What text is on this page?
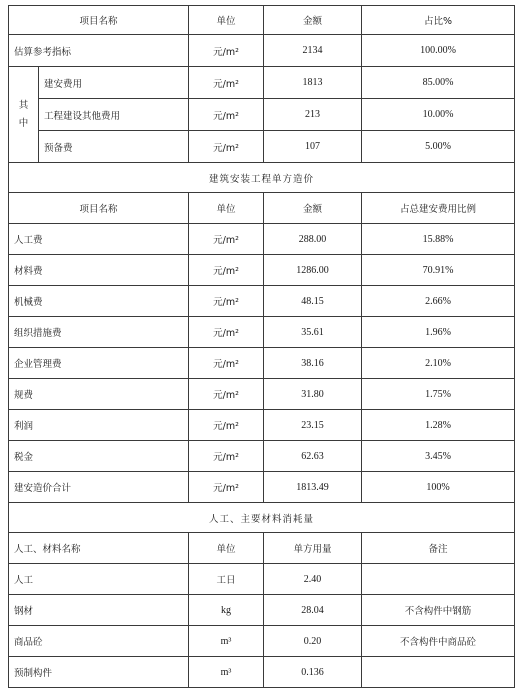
项目名称		单位	金额	占比%
估算参考指标		元/m²	2134	100.00%

其
中	建安费用	元/m²	1813	85.00%
	工程建设其他费用	元/m²	213	10.00%
	预备费	元/m²	107	5.00%
建筑安装工程单方造价				
项目名称		单位	金额	占总建安费用比例
人工费		元/m²	288.00	15.88%
材料费		元/m²	1286.00	70.91%
机械费		元/m²	48.15	2.66%
组织措施费		元/m²	35.61	1.96%
企业管理费		元/m²	38.16	2.10%
规费		元/m²	31.80	1.75%
利润		元/m²	23.15	1.28%
税金		元/m²	62.63	3.45%
建安造价合计		元/m²	1813.49	100%
人工、主要材料消耗量				
人工、材料名称		单位	单方用量	备注
人工		工日	2.40	
钢材		kg	28.04	不含构件中钢筋
商品砼		m³	0.20	不含构件中商品砼
预制构件		m³	0.136	
